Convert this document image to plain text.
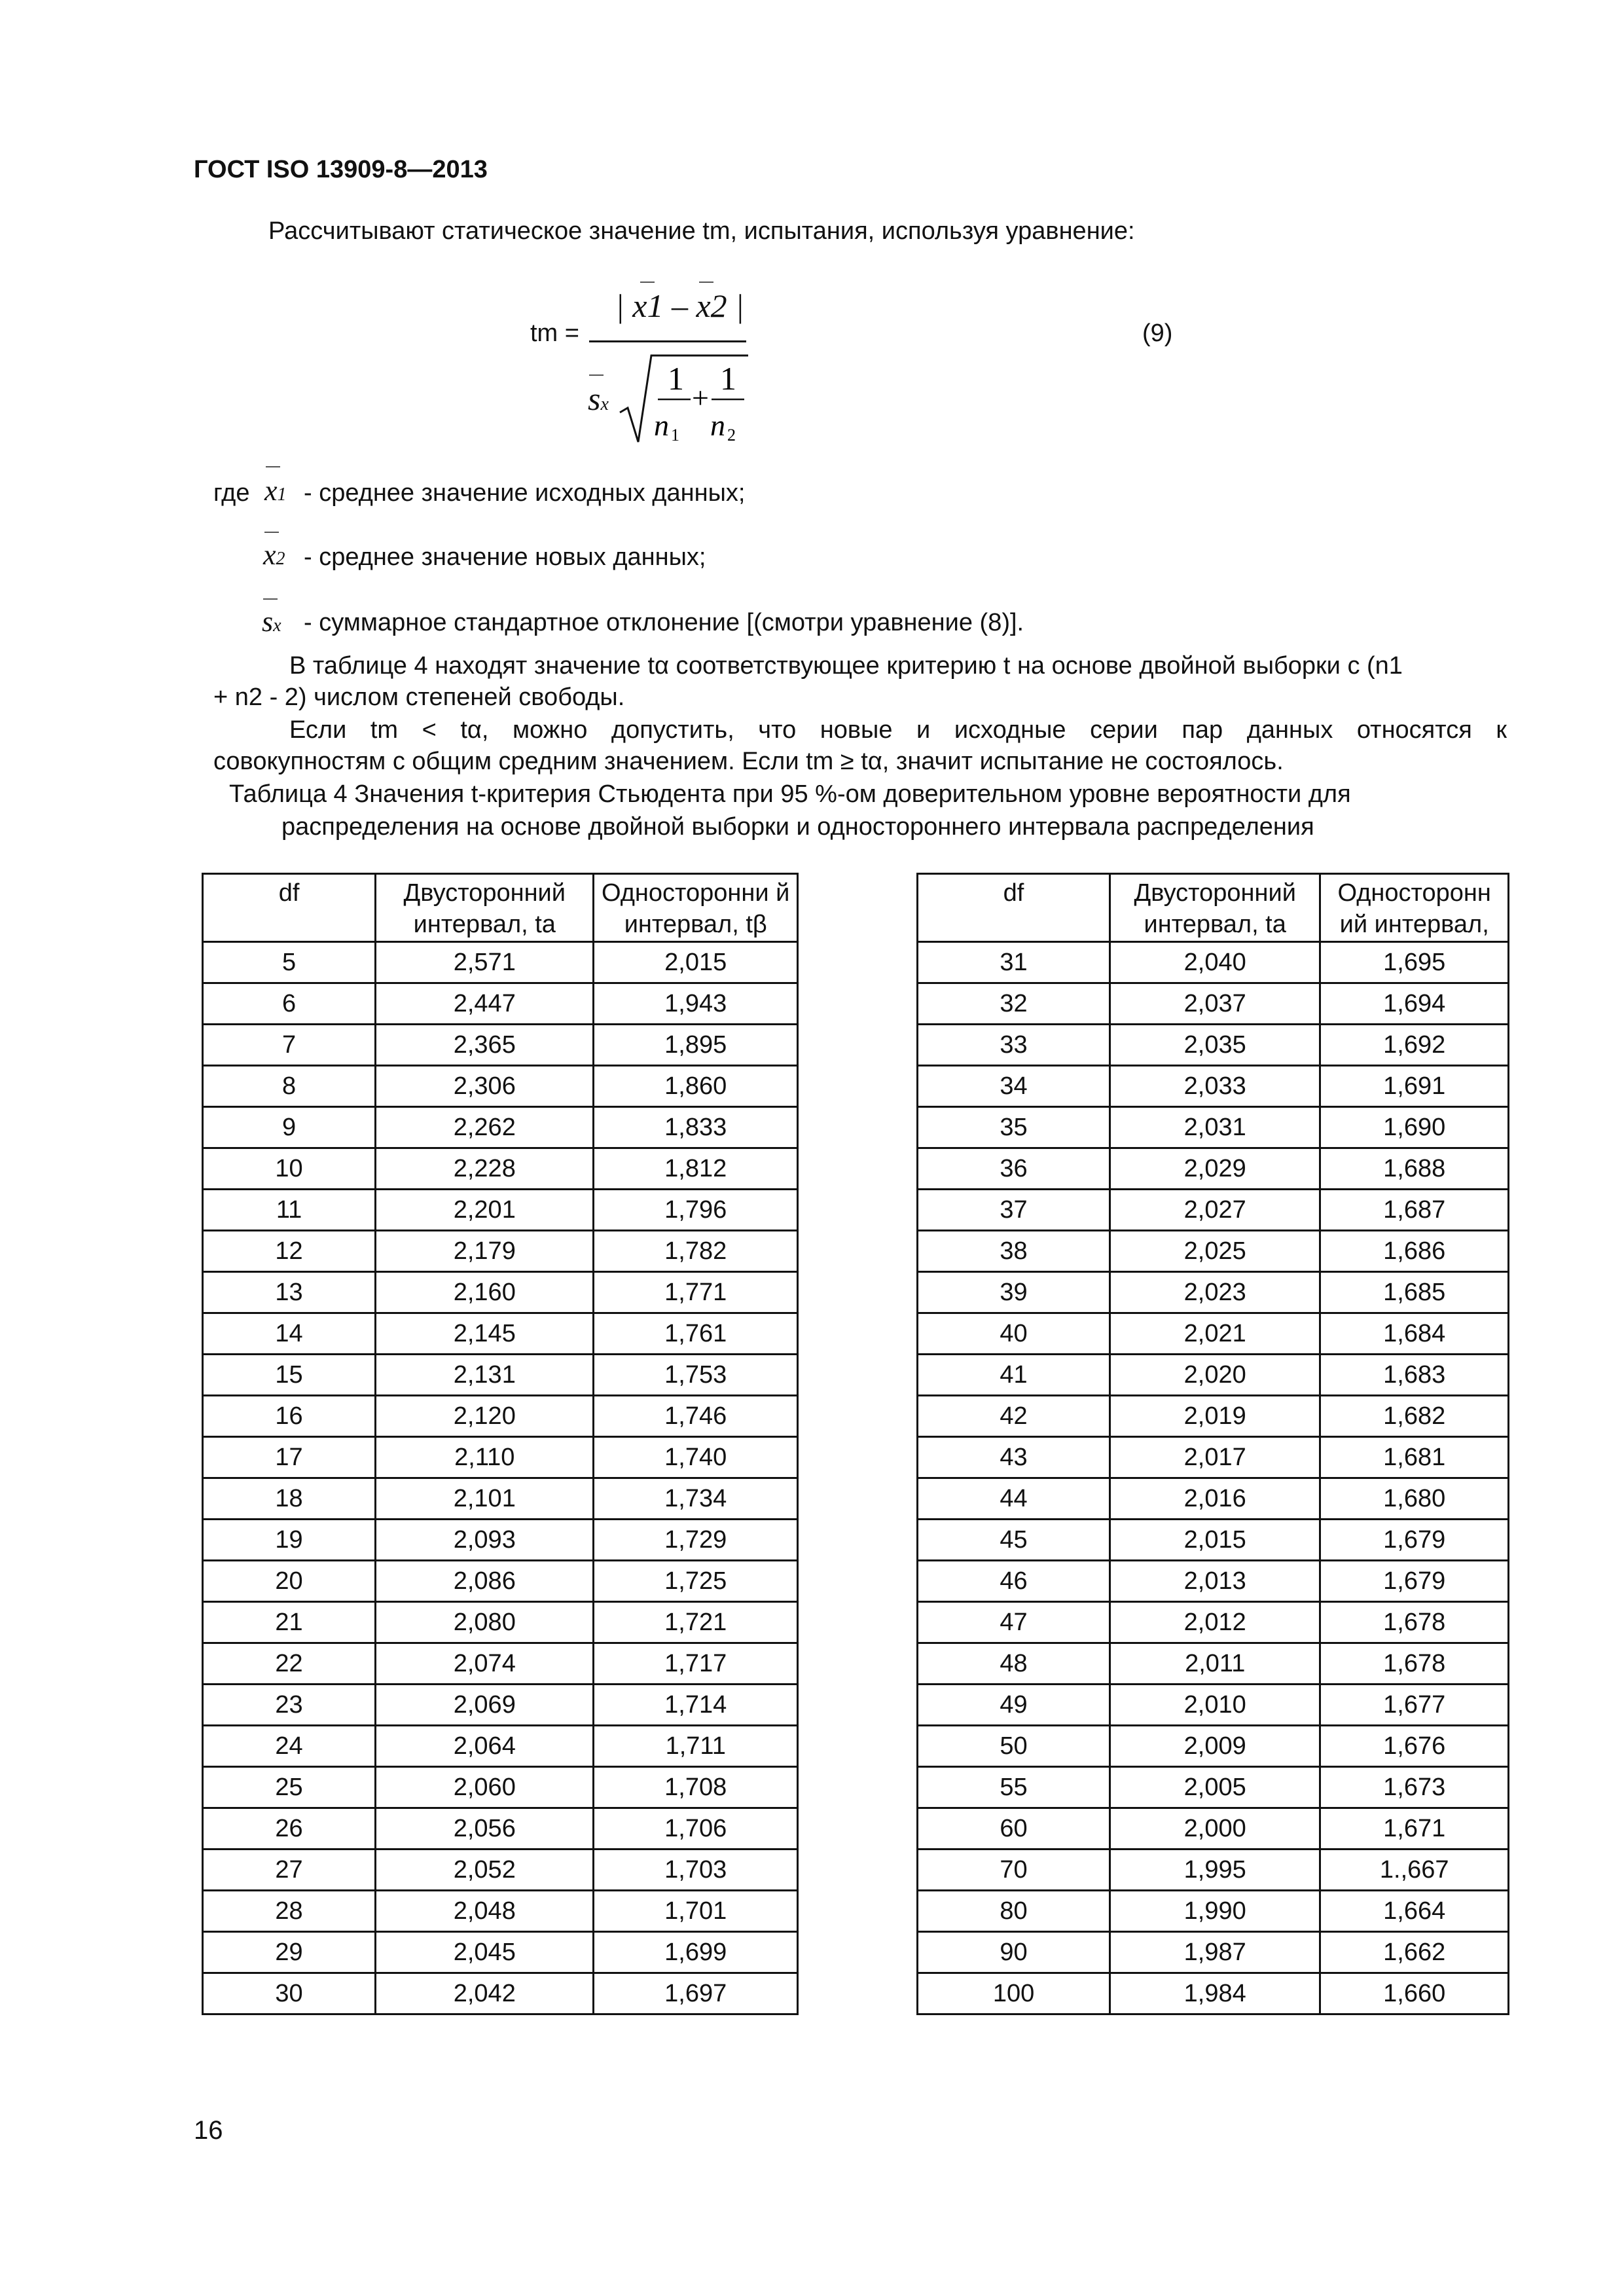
ГОСТ ISO 13909-8—2013
Рассчитывают статическое значение tm, испытания, используя уравнение:
tm =
| x1 – x2 |
sx
1
n 1
+
1
n 2
(9)
где x1 - среднее значение исходных данных;
x2 - среднее значение новых данных;
sx - суммарное стандартное отклонение [(смотри уравнение (8)].
В таблице 4 находят значение tα соответствующее критерию t на основе двойной выборки с (n1
+ n2 - 2) числом степеней свободы.
Если tm < tα, можно допустить, что новые и исходные серии пар данных относятся к
совокупностям с общим средним значением. Если tm ≥ tα, значит испытание не состоялось.
Таблица 4 Значения t-критерия Стьюдента при 95 %-ом доверительном уровне вероятности для
распределения на основе двойной выборки и одностороннего интервала распределения
df	Двусторонний интервал, ta	Односторонни й интервал, tβ
5	2,571	2,015
6	2,447	1,943
7	2,365	1,895
8	2,306	1,860
9	2,262	1,833
10	2,228	1,812
11	2,201	1,796
12	2,179	1,782
13	2,160	1,771
14	2,145	1,761
15	2,131	1,753
16	2,120	1,746
17	2,110	1,740
18	2,101	1,734
19	2,093	1,729
20	2,086	1,725
21	2,080	1,721
22	2,074	1,717
23	2,069	1,714
24	2,064	1,711
25	2,060	1,708
26	2,056	1,706
27	2,052	1,703
28	2,048	1,701
29	2,045	1,699
30	2,042	1,697
df	Двусторонний интервал, ta	Односторонн ий интервал,
31	2,040	1,695
32	2,037	1,694
33	2,035	1,692
34	2,033	1,691
35	2,031	1,690
36	2,029	1,688
37	2,027	1,687
38	2,025	1,686
39	2,023	1,685
40	2,021	1,684
41	2,020	1,683
42	2,019	1,682
43	2,017	1,681
44	2,016	1,680
45	2,015	1,679
46	2,013	1,679
47	2,012	1,678
48	2,011	1,678
49	2,010	1,677
50	2,009	1,676
55	2,005	1,673
60	2,000	1,671
70	1,995	1.,667
80	1,990	1,664
90	1,987	1,662
100	1,984	1,660
16
